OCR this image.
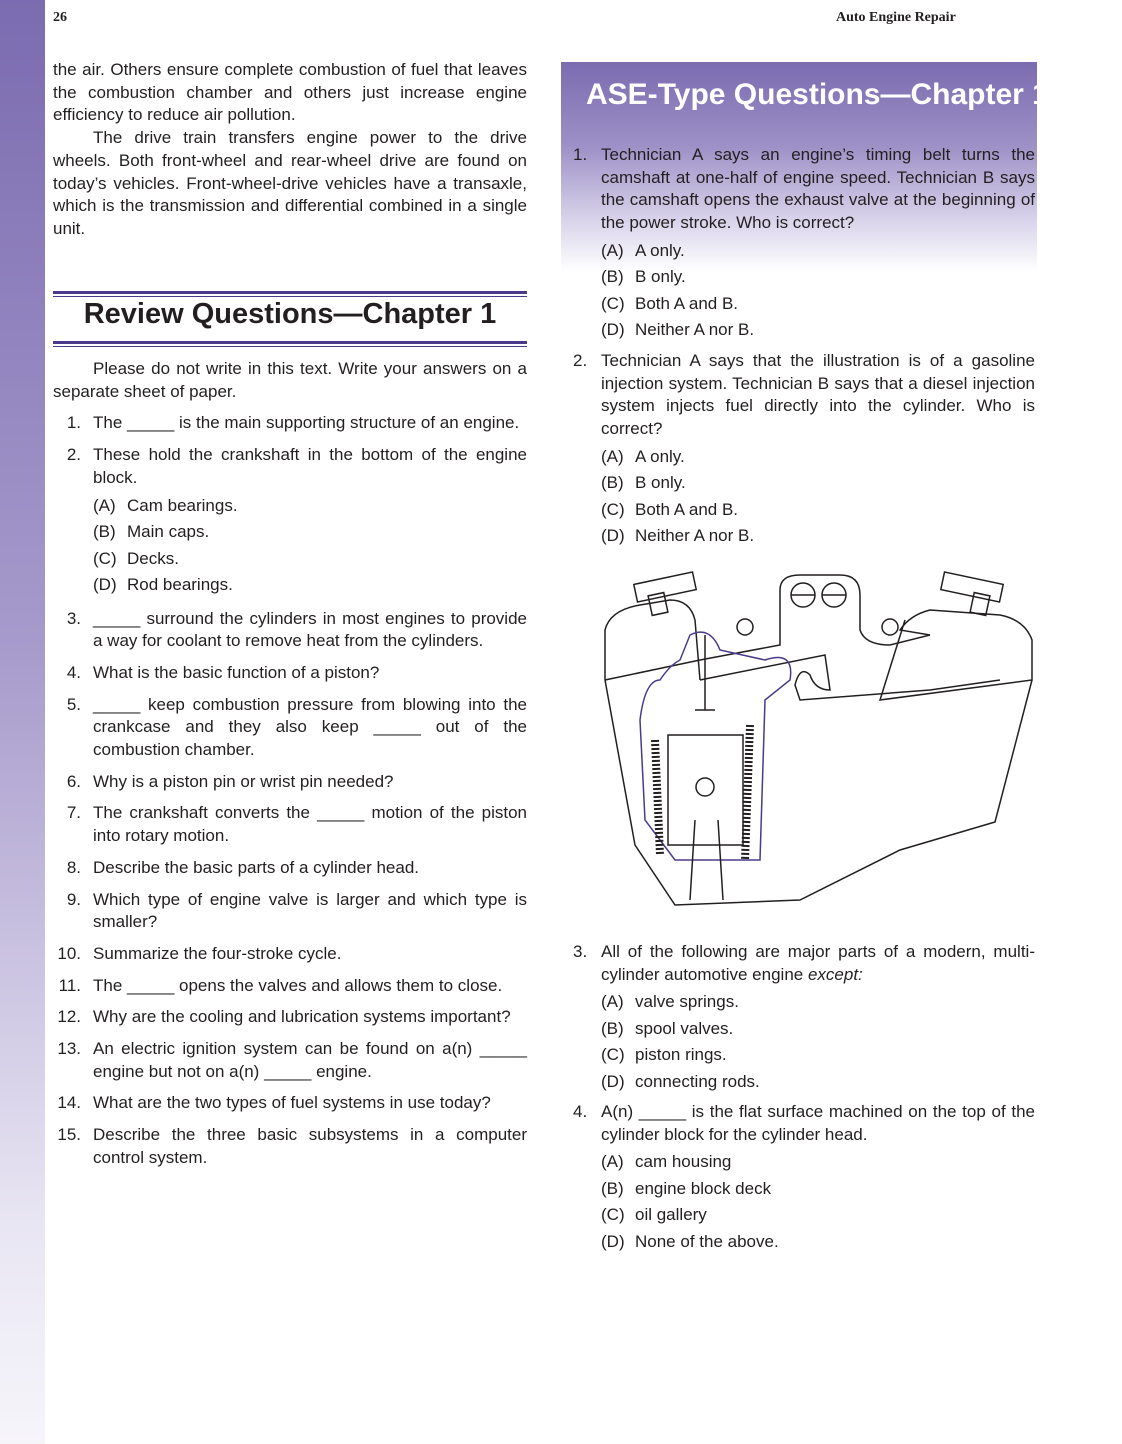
26	Auto Engine Repair

the air. Others ensure complete combustion of fuel that leaves the combustion chamber and others just increase engine efficiency to reduce air pollution.

The drive train transfers engine power to the drive wheels. Both front-wheel and rear-wheel drive are found on today’s vehicles. Front-wheel-drive vehicles have a transaxle, which is the transmission and differential combined in a single unit.

Review Questions—Chapter 1

Please do not write in this text. Write your answers on a separate sheet of paper.

1. The _____ is the main supporting structure of an engine.

2. These hold the crankshaft in the bottom of the engine block.

(A) Cam bearings.
(B) Main caps.
(C) Decks.
(D) Rod bearings.
3. _____ surround the cylinders in most engines to provide a way for coolant to remove heat from the cylinders.

4. What is the basic function of a piston?

5. _____ keep combustion pressure from blowing into the crankcase and they also keep _____ out of the combustion chamber.

6. Why is a piston pin or wrist pin needed?

7. The crankshaft converts the _____ motion of the piston into rotary motion.

8. Describe the basic parts of a cylinder head.

9. Which type of engine valve is larger and which type is smaller?

10. Summarize the four-stroke cycle.

11. The _____ opens the valves and allows them to close.

12. Why are the cooling and lubrication systems important?

13. An electric ignition system can be found on a(n) _____ engine but not on a(n) _____ engine.

14. What are the two types of fuel systems in use today?

15. Describe the three basic subsystems in a computer control system.

ASE-Type Questions—Chapter 1
1. Technician A says an engine’s timing belt turns the camshaft at one-half of engine speed. Technician B says the camshaft opens the exhaust valve at the beginning of the power stroke. Who is correct?

(A) A only.
(B) B only.
(C) Both A and B.
(D) Neither A nor B.
2. Technician A says that the illustration is of a gasoline injection system. Technician B says that a diesel injection system injects fuel directly into the cylinder. Who is correct?

(A) A only.
(B) B only.
(C) Both A and B.
(D) Neither A nor B.
3. All of the following are major parts of a modern, multi-cylinder automotive engine except:

(A) valve springs.
(B) spool valves.
(C) piston rings.
(D) connecting rods.
4. A(n) _____ is the flat surface machined on the top of the cylinder block for the cylinder head.

(A) cam housing
(B) engine block deck
(C) oil gallery
(D) None of the above.
